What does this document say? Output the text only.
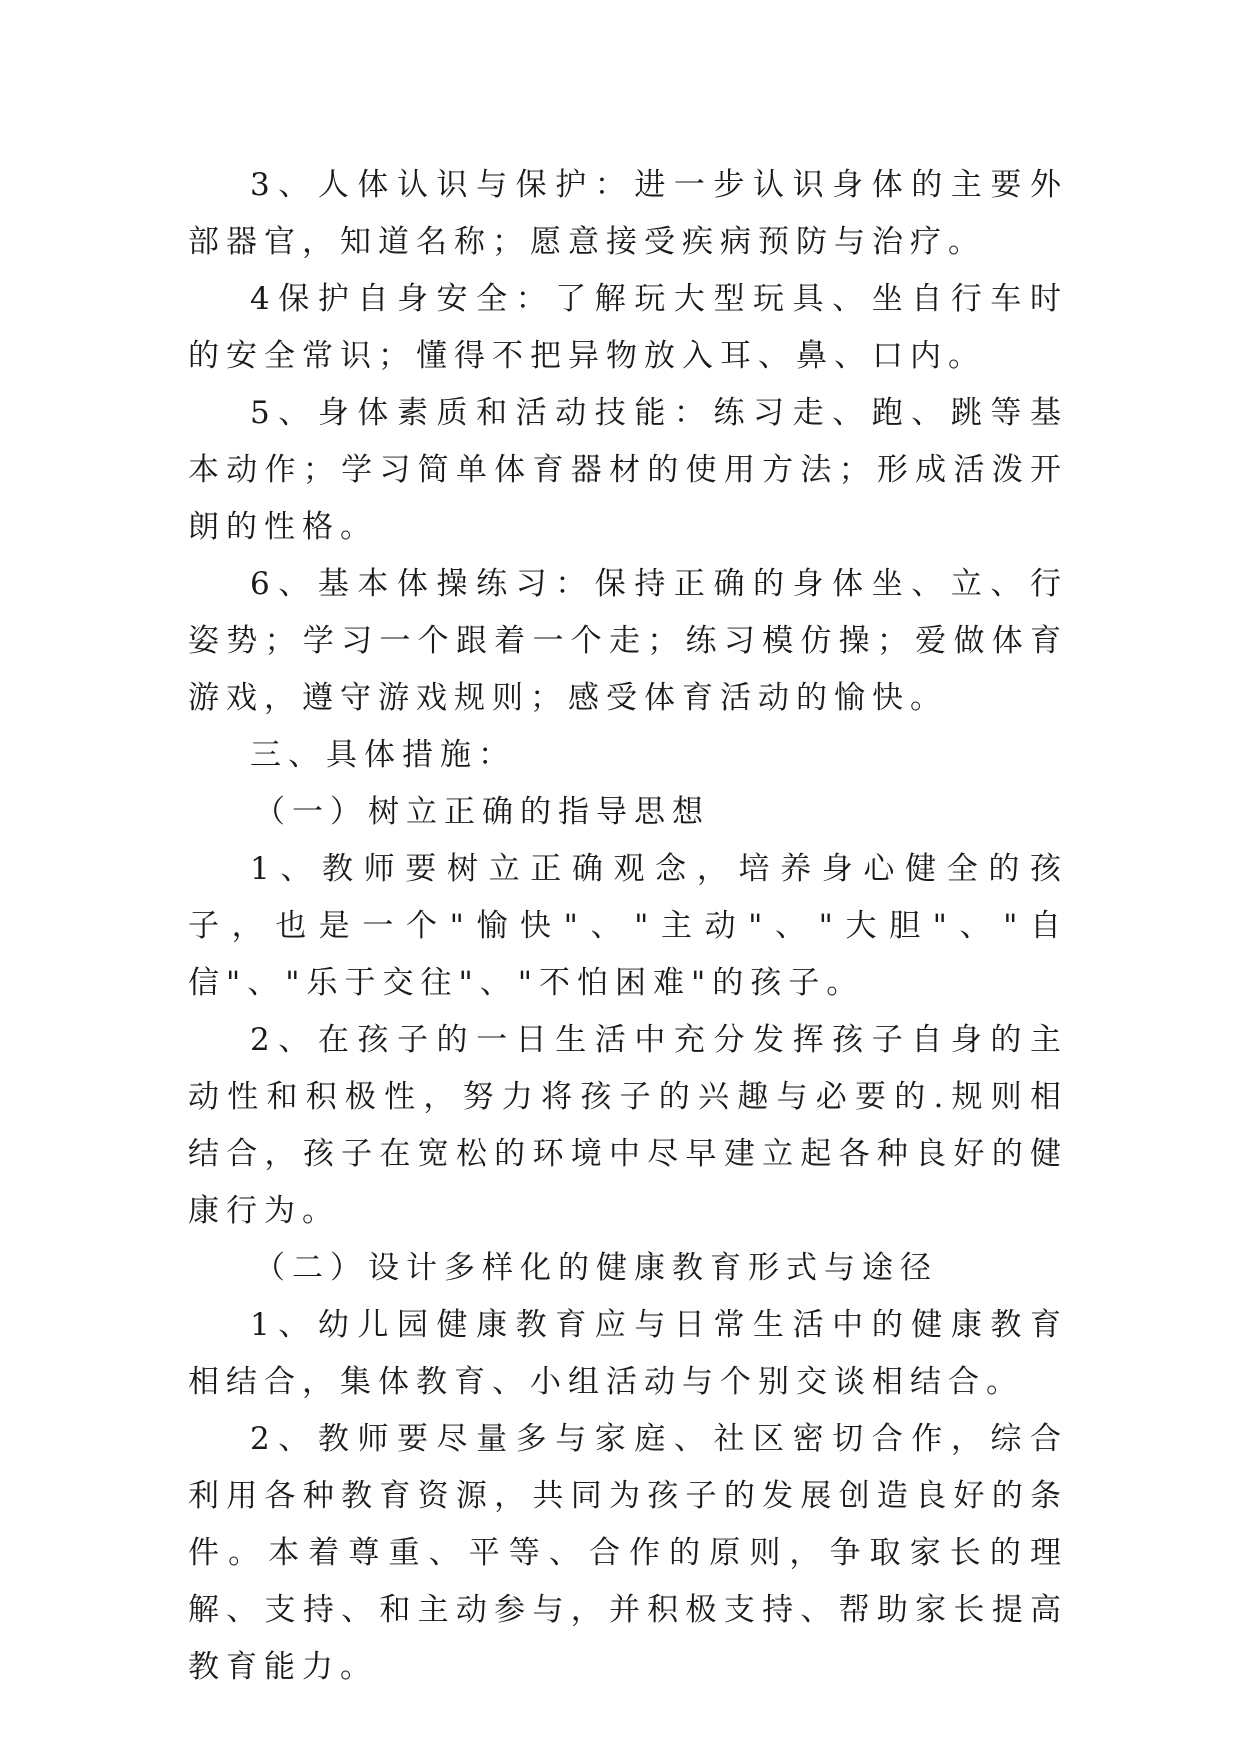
3、人体认识与保护：进一步认识身体的主要外部器官，知道名称；愿意接受疾病预防与治疗。

4保护自身安全：了解玩大型玩具、坐自行车时的安全常识；懂得不把异物放入耳、鼻、口内。

5、身体素质和活动技能：练习走、跑、跳等基本动作；学习简单体育器材的使用方法；形成活泼开朗的性格。

6、基本体操练习：保持正确的身体坐、立、行姿势；学习一个跟着一个走；练习模仿操；爱做体育游戏，遵守游戏规则；感受体育活动的愉快。

三、具体措施：

（一）树立正确的指导思想

1、教师要树立正确观念，培养身心健全的孩子，也是一个"愉快"、"主动"、"大胆"、"自信"、"乐于交往"、"不怕困难"的孩子。

2、在孩子的一日生活中充分发挥孩子自身的主动性和积极性，努力将孩子的兴趣与必要的.规则相结合，孩子在宽松的环境中尽早建立起各种良好的健康行为。

（二）设计多样化的健康教育形式与途径

1、幼儿园健康教育应与日常生活中的健康教育相结合，集体教育、小组活动与个别交谈相结合。

2、教师要尽量多与家庭、社区密切合作，综合利用各种教育资源，共同为孩子的发展创造良好的条件。本着尊重、平等、合作的原则，争取家长的理解、支持、和主动参与，并积极支持、帮助家长提高教育能力。
